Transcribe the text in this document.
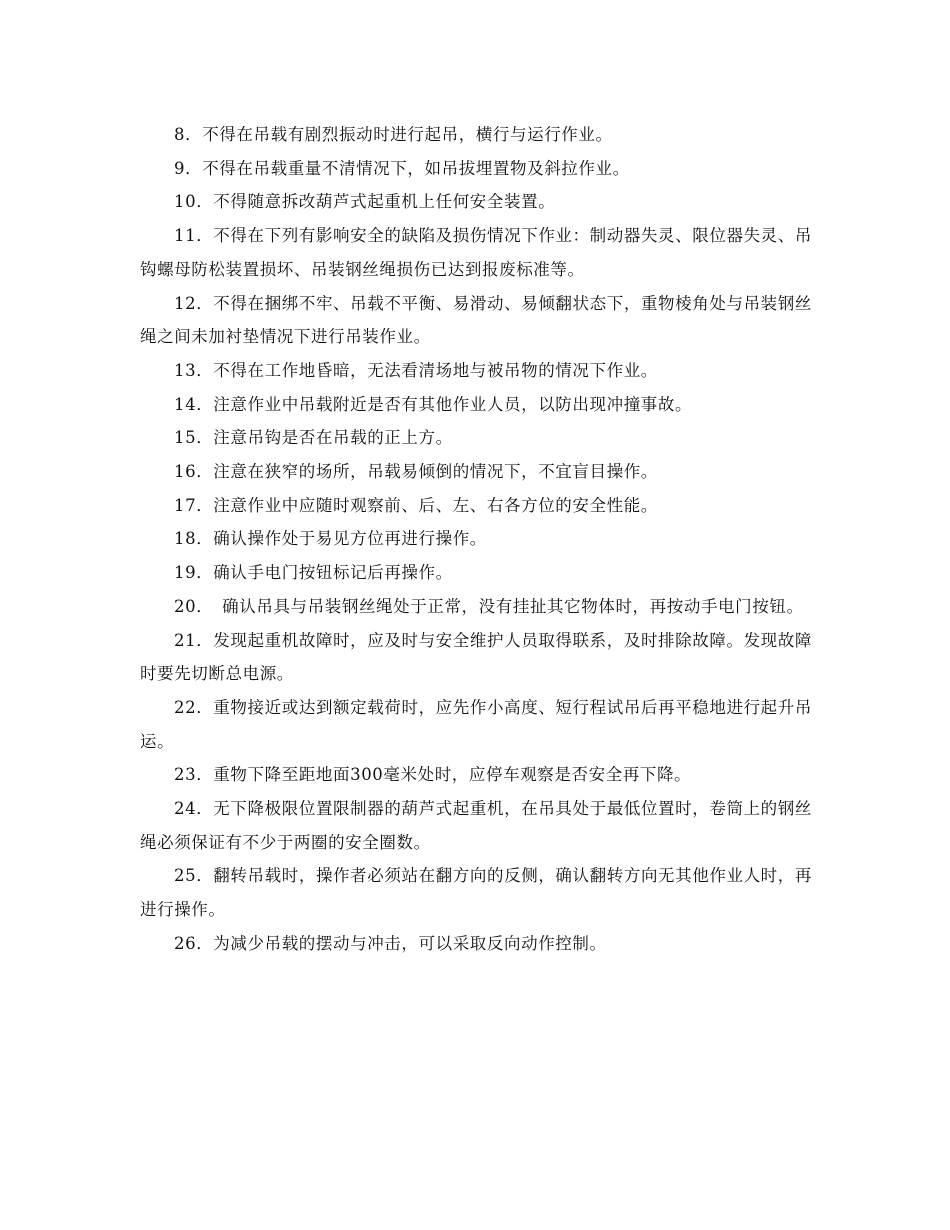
8．不得在吊载有剧烈振动时进行起吊，横行与运行作业。

9．不得在吊载重量不清情况下，如吊拔埋置物及斜拉作业。

10．不得随意拆改葫芦式起重机上任何安全装置。

11．不得在下列有影响安全的缺陷及损伤情况下作业：制动器失灵、限位器失灵、吊钩螺母防松装置损坏、吊装钢丝绳损伤已达到报废标准等。

12．不得在捆绑不牢、吊载不平衡、易滑动、易倾翻状态下，重物棱角处与吊装钢丝绳之间未加衬垫情况下进行吊装作业。

13．不得在工作地昏暗，无法看清场地与被吊物的情况下作业。

14．注意作业中吊载附近是否有其他作业人员，以防出现冲撞事故。

15．注意吊钩是否在吊载的正上方。

16．注意在狭窄的场所，吊载易倾倒的情况下，不宜盲目操作。

17．注意作业中应随时观察前、后、左、右各方位的安全性能。

18．确认操作处于易见方位再进行操作。

19．确认手电门按钮标记后再操作。

20．　确认吊具与吊装钢丝绳处于正常，没有挂扯其它物体时，再按动手电门按钮。

21．发现起重机故障时，应及时与安全维护人员取得联系，及时排除故障。发现故障时要先切断总电源。

22．重物接近或达到额定载荷时，应先作小高度、短行程试吊后再平稳地进行起升吊运。

23．重物下降至距地面300毫米处时，应停车观察是否安全再下降。

24．无下降极限位置限制器的葫芦式起重机，在吊具处于最低位置时，卷筒上的钢丝绳必须保证有不少于两圈的安全圈数。

25．翻转吊载时，操作者必须站在翻方向的反侧，确认翻转方向无其他作业人时，再进行操作。

26．为减少吊载的摆动与冲击，可以采取反向动作控制。
